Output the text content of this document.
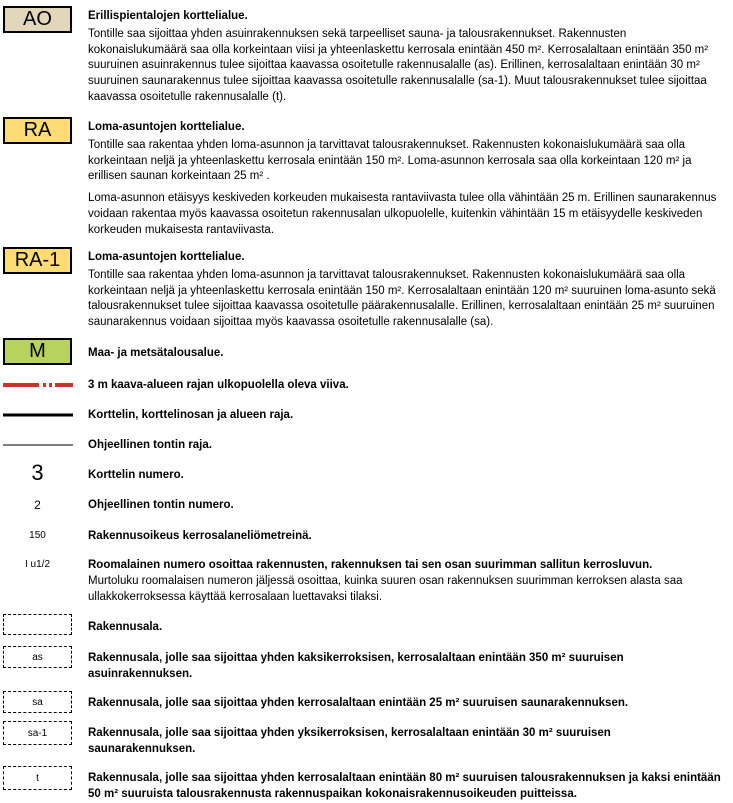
AO	Erillispientalojen korttelialue.
Tontille saa sijoittaa yhden asuinrakennuksen sekä tarpeelliset sauna- ja talousrakennukset. Rakennusten kokonaislukumäärä saa olla korkeintaan viisi ja yhteenlaskettu kerrosala enintään 450 m². Kerrosalaltaan enintään 350 m² suuruinen asuinrakennus tulee sijoittaa kaavassa osoitetulle rakennusalalle (as). Erillinen, kerrosalaltaan enintään 30 m² suuruinen saunarakennus tulee sijoittaa kaavassa osoitetulle rakennusalalle (sa-1). Muut talousrakennukset tulee sijoittaa kaavassa osoitetulle rakennusalalle (t).
RA	Loma-asuntojen korttelialue.
Tontille saa rakentaa yhden loma-asunnon ja tarvittavat talousrakennukset. Rakennusten kokonaislukumäärä saa olla korkeintaan neljä ja yhteenlaskettu kerrosala enintään 150 m². Loma-asunnon kerrosala saa olla korkeintaan 120 m² ja erillisen saunan korkeintaan 25 m² .
Loma-asunnon etäisyys keskiveden korkeuden mukaisesta rantaviivasta tulee olla vähintään 25 m. Erillinen saunarakennus voidaan rakentaa myös kaavassa osoitetun rakennusalan ulkopuolelle, kuitenkin vähintään 15 m etäisyydelle keskiveden korkeuden mukaisesta rantaviivasta.
RA-1	Loma-asuntojen korttelialue.
Tontille saa rakentaa yhden loma-asunnon ja tarvittavat talousrakennukset. Rakennusten kokonaislukumäärä saa olla korkeintaan neljä ja yhteenlaskettu kerrosala enintään 150 m². Kerrosalaltaan enintään 120 m² suuruinen loma-asunto sekä talousrakennukset tulee sijoittaa kaavassa osoitetulle päärakennusalalle. Erillinen, kerrosalaltaan enintään 25 m² suuruinen saunarakennus voidaan sijoittaa myös kaavassa osoitetulle rakennusalalle (sa).
M	Maa- ja metsätalousalue.
3 m kaava-alueen rajan ulkopuolella oleva viiva.
Korttelin, korttelinosan ja alueen raja.
Ohjeellinen tontin raja.
3	Korttelin numero.
2	Ohjeellinen tontin numero.
150	Rakennusoikeus kerrosalaneliömetreinä.
I u1/2	Roomalainen numero osoittaa rakennusten, rakennuksen tai sen osan suurimman sallitun kerrosluvun.
Murtoluku roomalaisen numeron jäljessä osoittaa, kuinka suuren osan rakennuksen suurimman kerroksen alasta saa ullakkokerroksessa käyttää kerrosalaan luettavaksi tilaksi.
Rakennusala.
as	Rakennusala, jolle saa sijoittaa yhden kaksikerroksisen, kerrosalaltaan enintään 350 m² suuruisen asuinrakennuksen.
sa	Rakennusala, jolle saa sijoittaa yhden kerrosalaltaan enintään 25 m² suuruisen saunarakennuksen.
sa-1	Rakennusala, jolle saa sijoittaa yhden yksikerroksisen, kerrosalaltaan enintään 30 m² suuruisen saunarakennuksen.
t	Rakennusala, jolle saa sijoittaa yhden kerrosalaltaan enintään 80 m² suuruisen talousrakennuksen ja kaksi enintään 50 m² suuruista talousrakennusta rakennuspaikan kokonaisrakennusoikeuden puitteissa.
